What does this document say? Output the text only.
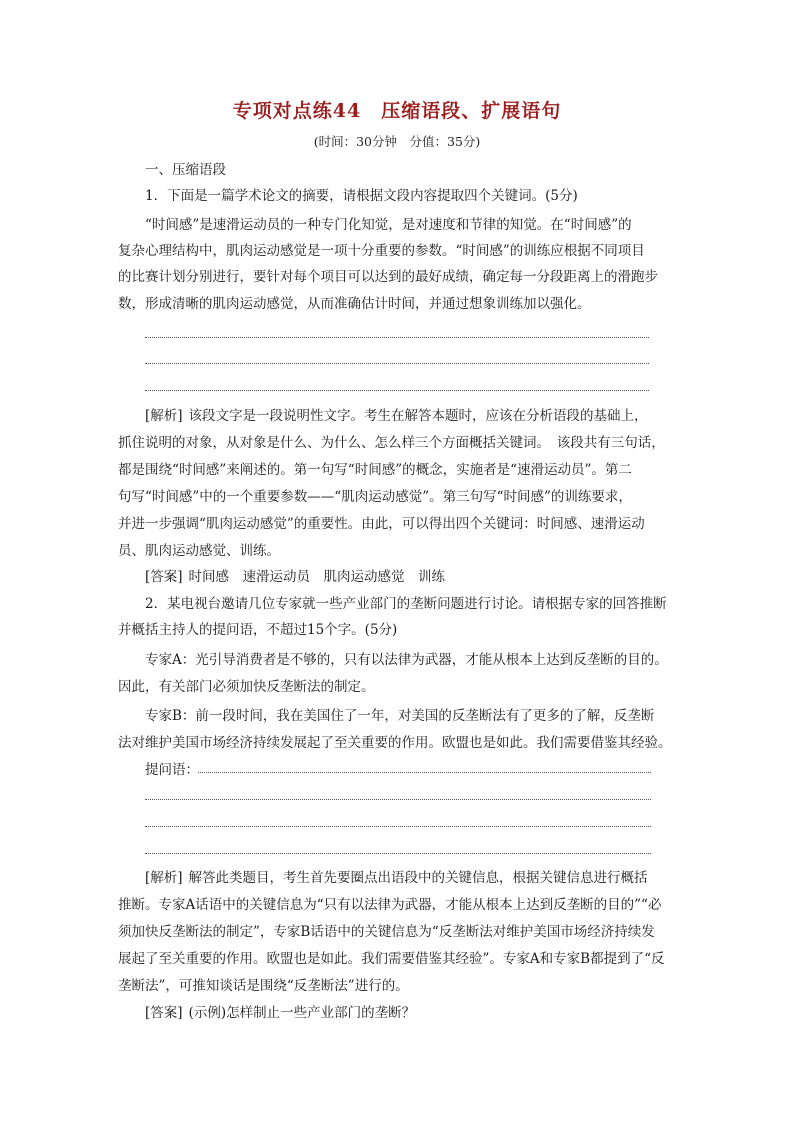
专项对点练44　压缩语段、扩展语句
(时间：30分钟　分值：35分)
一、压缩语段
1．下面是一篇学术论文的摘要，请根据文段内容提取四个关键词。(5分)
“时间感”是速滑运动员的一种专门化知觉，是对速度和节律的知觉。在“时间感”的
复杂心理结构中，肌肉运动感觉是一项十分重要的参数。“时间感”的训练应根据不同项目
的比赛计划分别进行，要针对每个项目可以达到的最好成绩，确定每一分段距离上的滑跑步
数，形成清晰的肌肉运动感觉，从而准确估计时间，并通过想象训练加以强化。
[解析] 该段文字是一段说明性文字。考生在解答本题时，应该在分析语段的基础上，
抓住说明的对象，从对象是什么、为什么、怎么样三个方面概括关键词。　该段共有三句话，
都是围绕“时间感”来阐述的。第一句写“时间感”的概念，实施者是“速滑运动员”。第二
句写“时间感”中的一个重要参数——“肌肉运动感觉”。第三句写“时间感”的训练要求，
并进一步强调“肌肉运动感觉”的重要性。由此，可以得出四个关键词：时间感、速滑运动
员、肌肉运动感觉、训练。
[答案] 时间感　速滑运动员　肌肉运动感觉　训练
2．某电视台邀请几位专家就一些产业部门的垄断问题进行讨论。请根据专家的回答推断
并概括主持人的提问语，不超过15个字。(5分)
专家A：光引导消费者是不够的，只有以法律为武器，才能从根本上达到反垄断的目的。
因此，有关部门必须加快反垄断法的制定。
专家B：前一段时间，我在美国住了一年，对美国的反垄断法有了更多的了解，反垄断
法对维护美国市场经济持续发展起了至关重要的作用。欧盟也是如此。我们需要借鉴其经验。
提问语：
[解析] 解答此类题目，考生首先要圈点出语段中的关键信息，根据关键信息进行概括
推断。专家A话语中的关键信息为“只有以法律为武器，才能从根本上达到反垄断的目的”“必
须加快反垄断法的制定”，专家B话语中的关键信息为“反垄断法对维护美国市场经济持续发
展起了至关重要的作用。欧盟也是如此。我们需要借鉴其经验”。专家A和专家B都提到了“反
垄断法”，可推知谈话是围绕“反垄断法”进行的。
[答案] (示例)怎样制止一些产业部门的垄断？
